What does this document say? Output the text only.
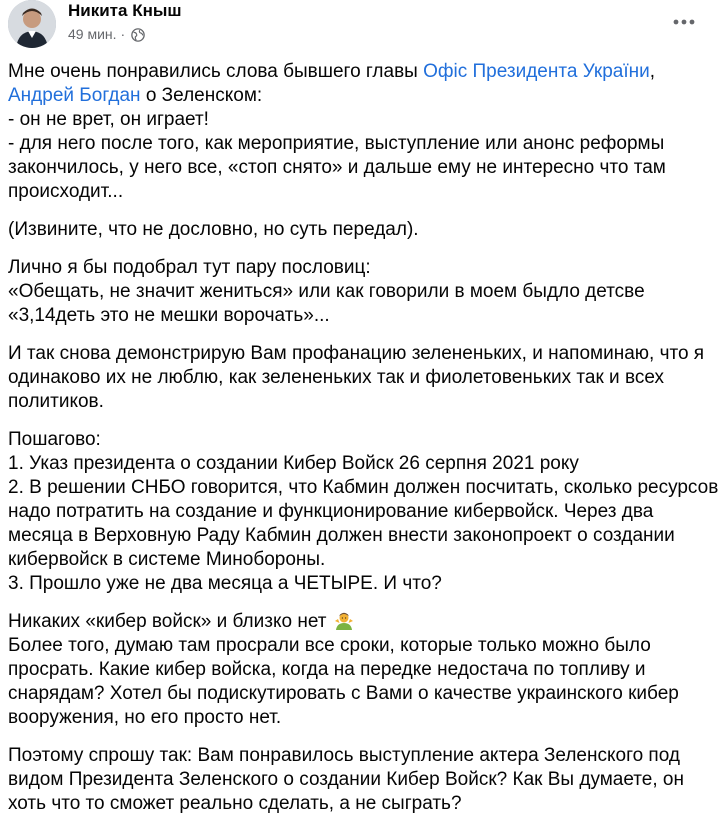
Никита Кныш
49 мин. ·
Мне очень понравились слова бывшего главы Офіс Президента України,
Андрей Богдан о Зеленском:
- он не врет, он играет!
- для него после того, как мероприятие, выступление или анонс реформы
закончилось, у него все, «стоп снято» и дальше ему не интересно что там
происходит...
(Извините, что не дословно, но суть передал).
Лично я бы подобрал тут пару пословиц:
«Обещать, не значит жениться» или как говорили в моем быдло детсве
«3,14деть это не мешки ворочать»...
И так снова демонстрирую Вам профанацию зелененьких, и напоминаю, что я
одинаково их не люблю, как зелененьких так и фиолетовеньких так и всех
политиков.
Пошагово:
1. Указ президента о создании Кибер Войск 26 серпня 2021 року
2. В решении СНБО говорится, что Кабмин должен посчитать, сколько ресурсов
надо потратить на создание и функционирование кибервойск. Через два
месяца в Верховную Раду Кабмин должен внести законопроект о создании
кибервойск в системе Минобороны.
3. Прошло уже не два месяца а ЧЕТЫРЕ. И что?
Никаких «кибер войск» и близко нет
Более того, думаю там просрали все сроки, которые только можно было
просрать. Какие кибер войска, когда на передке недостача по топливу и
снарядам? Хотел бы подискутировать с Вами о качестве украинского кибер
вооружения, но его просто нет.
Поэтому спрошу так: Вам понравилось выступление актера Зеленского под
видом Президента Зеленского о создании Кибер Войск? Как Вы думаете, он
хоть что то сможет реально сделать, а не сыграть?
